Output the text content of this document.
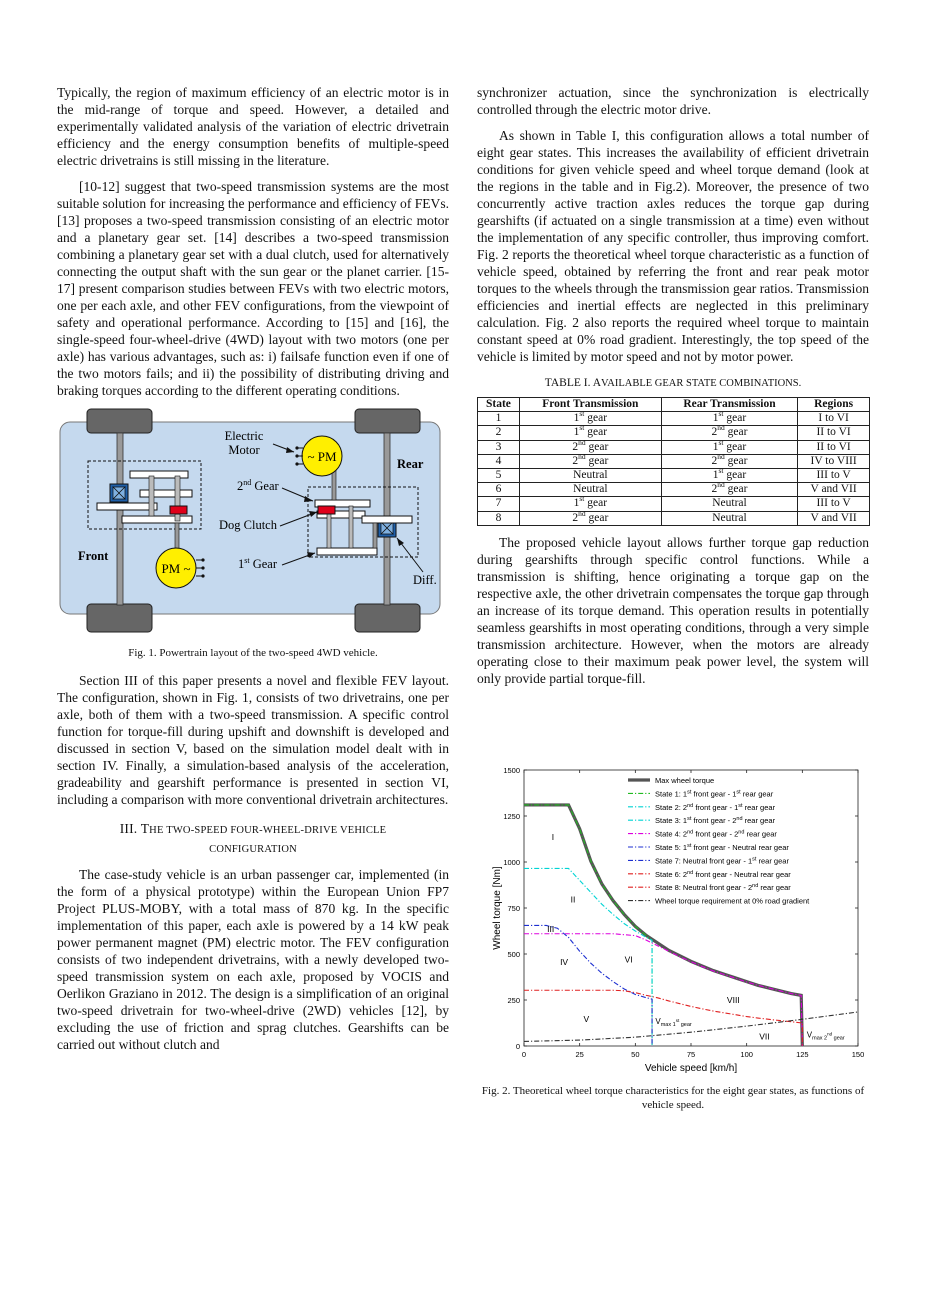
Typically, the region of maximum efficiency of an electric motor is in the mid-range of torque and speed. However, a detailed and experimentally validated analysis of the variation of electric drivetrain efficiency and the energy consumption benefits of multiple-speed electric drivetrains is still missing in the literature.

[10-12] suggest that two-speed transmission systems are the most suitable solution for increasing the performance and efficiency of FEVs. [13] proposes a two-speed transmission consisting of an electric motor and a planetary gear set. [14] describes a two-speed transmission combining a planetary gear set with a dual clutch, used for alternatively connecting the output shaft with the sun gear or the planet carrier. [15-17] present comparison studies between FEVs with two electric motors, one per each axle, and other FEV configurations, from the viewpoint of safety and operational performance. According to [15] and [16], the single-speed four-wheel-drive (4WD) layout with two motors (one per axle) has various advantages, such as: i) failsafe function even if one of the two motors fails; and ii) the possibility of distributing driving and braking torques according to the different operating conditions.

PM ~
~ PM
Electric
Motor
Rear
Front
2nd Gear
Dog Clutch
1st Gear
Diff.
Fig. 1. Powertrain layout of the two-speed 4WD vehicle.

Section III of this paper presents a novel and flexible FEV layout. The configuration, shown in Fig. 1, consists of two drivetrains, one per axle, both of them with a two-speed transmission. A specific control function for torque-fill during upshift and downshift is developed and discussed in section V, based on the simulation model dealt with in section IV. Finally, a simulation-based analysis of the acceleration, gradeability and gearshift performance is presented in section VI, including a comparison with more conventional drivetrain architectures.

III. THE TWO-SPEED FOUR-WHEEL-DRIVE VEHICLE
CONFIGURATION

The case-study vehicle is an urban passenger car, implemented (in the form of a physical prototype) within the European Union FP7 Project PLUS-MOBY, with a total mass of 870 kg. In the specific implementation of this paper, each axle is powered by a 14 kW peak power permanent magnet (PM) electric motor. The FEV configuration consists of two independent drivetrains, with a newly developed two-speed transmission system on each axle, proposed by VOCIS and Oerlikon Graziano in 2012. The design is a simplification of an original two-speed drivetrain for two-wheel-drive (2WD) vehicles [12], by excluding the use of friction and sprag clutches. Gearshifts can be carried out without clutch and

synchronizer actuation, since the synchronization is electrically controlled through the electric motor drive.

As shown in Table I, this configuration allows a total number of eight gear states. This increases the availability of efficient drivetrain conditions for given vehicle speed and wheel torque demand (look at the regions in the table and in Fig.2). Moreover, the presence of two concurrently active traction axles reduces the torque gap during gearshifts (if actuated on a single transmission at a time) even without the implementation of any specific controller, thus improving comfort. Fig. 2 reports the theoretical wheel torque characteristic as a function of vehicle speed, obtained by referring the front and rear peak motor torques to the wheels through the transmission gear ratios. Transmission efficiencies and inertial effects are neglected in this preliminary calculation. Fig. 2 also reports the required wheel torque to maintain constant speed at 0% road gradient. Interestingly, the top speed of the vehicle is limited by motor speed and not by motor power.

TABLE I. AVAILABLE GEAR STATE COMBINATIONS.
State	Front Transmission	Rear Transmission	Regions
1	1st gear	1st gear	I to VI
2	1st gear	2nd gear	II to VI
3	2nd gear	1st gear	II to VI
4	2nd gear	2nd gear	IV to VIII
5	Neutral	1st gear	III to V
6	Neutral	2nd gear	V and VII
7	1st gear	Neutral	III to V
8	2nd gear	Neutral	V and VII

The proposed vehicle layout allows further torque gap reduction during gearshifts through specific control functions. While a transmission is shifting, hence originating a torque gap on the respective axle, the other drivetrain compensates the torque gap through an increase of its torque demand. This operation results in potentially seamless gearshifts in most operating conditions, through a very simple transmission architecture. However, when the motors are already operating close to their maximum peak power level, the system will only provide partial torque-fill.

0	25	50	75	100	125	150
0
250
500
750
1000
1250
1500
Vehicle speed [km/h]
Wheel torque [Nm]
Max wheel torque
State 1: 1st front gear - 1st rear gear
State 2: 2nd front gear - 1st rear gear
State 3: 1st front gear - 2nd rear gear
State 4: 2nd front gear - 2nd rear gear
State 5: 1st front gear - Neutral rear gear
State 7: Neutral front gear - 1st rear gear
State 6: 2nd front gear - Neutral rear gear
State 8: Neutral front gear - 2nd rear gear
Wheel torque requirement at 0% road gradient
I
II
III
IV	VI
V
VIII
VII
$V_{max 1}st$ $_{gear}$
$V_{max 2}nd$ $_{gear}$
Fig. 2. Theoretical wheel torque characteristics for the eight gear states, as functions of vehicle speed.
